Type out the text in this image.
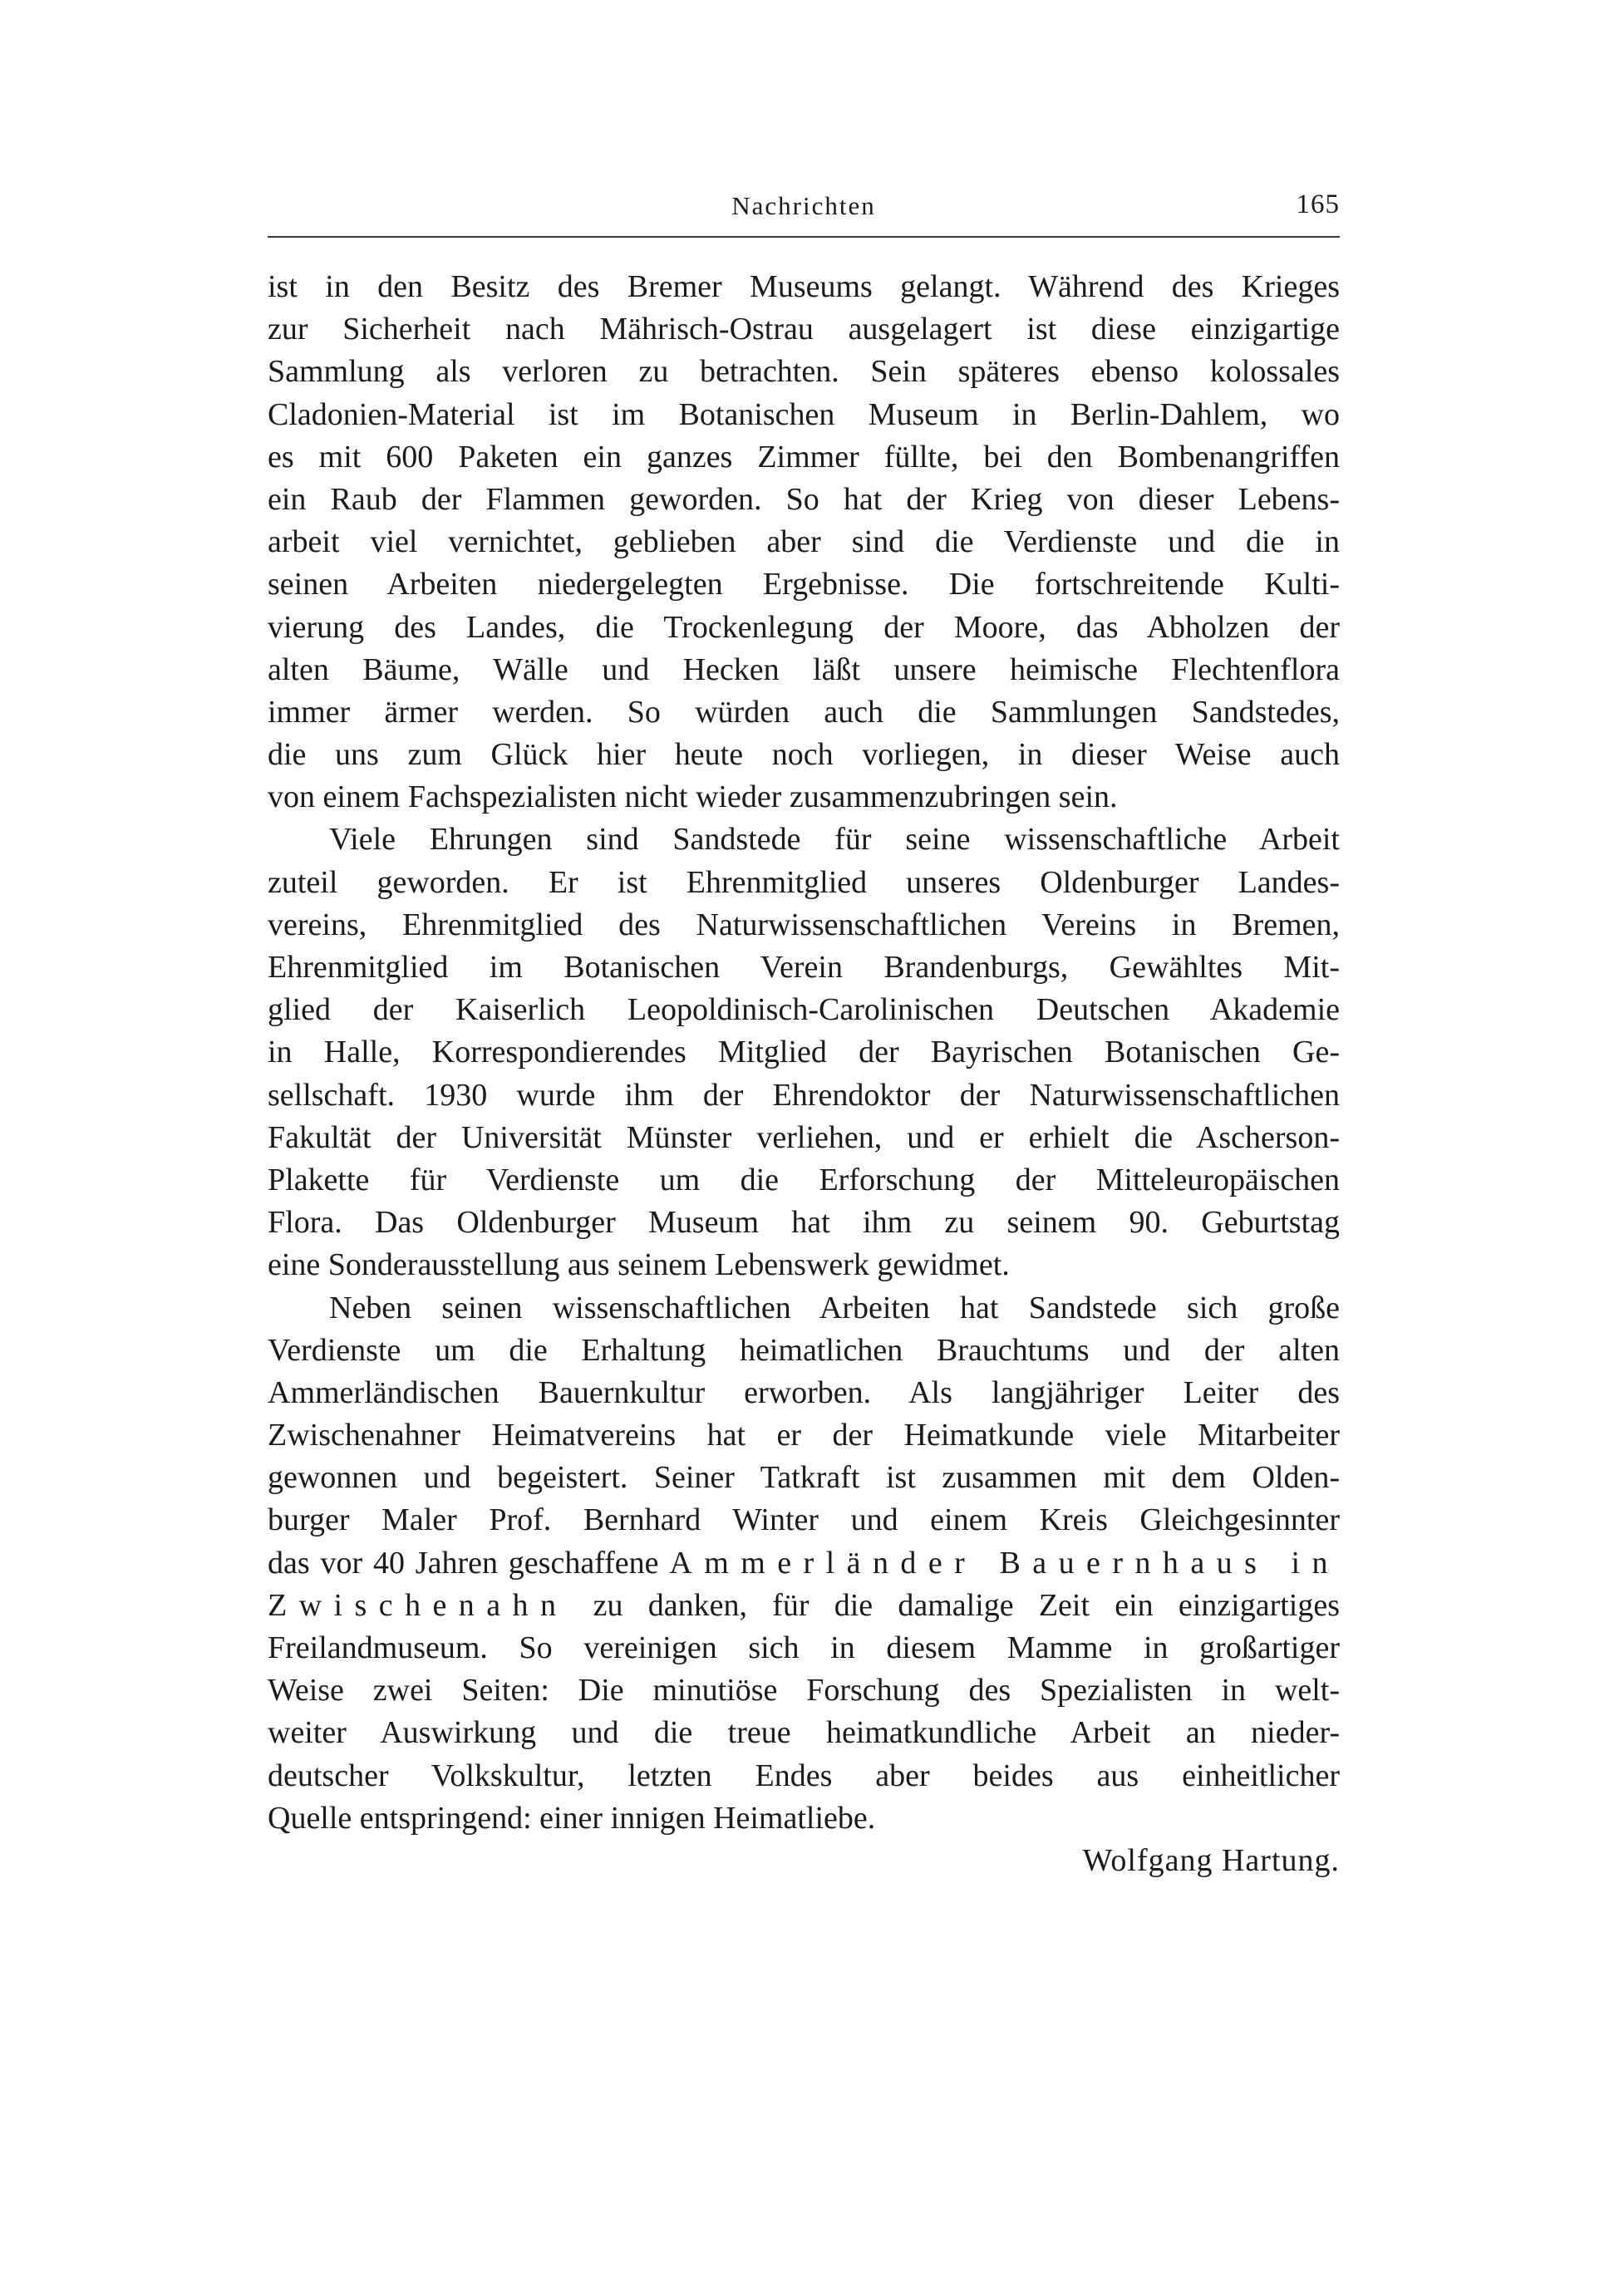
Nachrichten	165
ist in den Besitz des Bremer Museums gelangt. Während des Krieges
zur Sicherheit nach Mährisch-Ostrau ausgelagert ist diese einzigartige
Sammlung als verloren zu betrachten. Sein späteres ebenso kolossales
Cladonien-Material ist im Botanischen Museum in Berlin-Dahlem, wo
es mit 600 Paketen ein ganzes Zimmer füllte, bei den Bombenangriffen
ein Raub der Flammen geworden. So hat der Krieg von dieser Lebens-
arbeit viel vernichtet, geblieben aber sind die Verdienste und die in
seinen Arbeiten niedergelegten Ergebnisse. Die fortschreitende Kulti-
vierung des Landes, die Trockenlegung der Moore, das Abholzen der
alten Bäume, Wälle und Hecken läßt unsere heimische Flechtenflora
immer ärmer werden. So würden auch die Sammlungen Sandstedes,
die uns zum Glück hier heute noch vorliegen, in dieser Weise auch
von einem Fachspezialisten nicht wieder zusammenzubringen sein.
Viele Ehrungen sind Sandstede für seine wissenschaftliche Arbeit
zuteil geworden. Er ist Ehrenmitglied unseres Oldenburger Landes-
vereins, Ehrenmitglied des Naturwissenschaftlichen Vereins in Bremen,
Ehrenmitglied im Botanischen Verein Brandenburgs, Gewähltes Mit-
glied der Kaiserlich Leopoldinisch-Carolinischen Deutschen Akademie
in Halle, Korrespondierendes Mitglied der Bayrischen Botanischen Ge-
sellschaft. 1930 wurde ihm der Ehrendoktor der Naturwissenschaftlichen
Fakultät der Universität Münster verliehen, und er erhielt die Ascherson-
Plakette für Verdienste um die Erforschung der Mitteleuropäischen
Flora. Das Oldenburger Museum hat ihm zu seinem 90. Geburtstag
eine Sonderausstellung aus seinem Lebenswerk gewidmet.
Neben seinen wissenschaftlichen Arbeiten hat Sandstede sich große
Verdienste um die Erhaltung heimatlichen Brauchtums und der alten
Ammerländischen Bauernkultur erworben. Als langjähriger Leiter des
Zwischenahner Heimatvereins hat er der Heimatkunde viele Mitarbeiter
gewonnen und begeistert. Seiner Tatkraft ist zusammen mit dem Olden-
burger Maler Prof. Bernhard Winter und einem Kreis Gleichgesinnter
das vor 40 Jahren geschaffene Ammerländer Bauernhaus in
Zwischenahn zu danken, für die damalige Zeit ein einzigartiges
Freilandmuseum. So vereinigen sich in diesem Mamme in großartiger
Weise zwei Seiten: Die minutiöse Forschung des Spezialisten in welt-
weiter Auswirkung und die treue heimatkundliche Arbeit an nieder-
deutscher Volkskultur, letzten Endes aber beides aus einheitlicher
Quelle entspringend: einer innigen Heimatliebe.
Wolfgang Hartung.
